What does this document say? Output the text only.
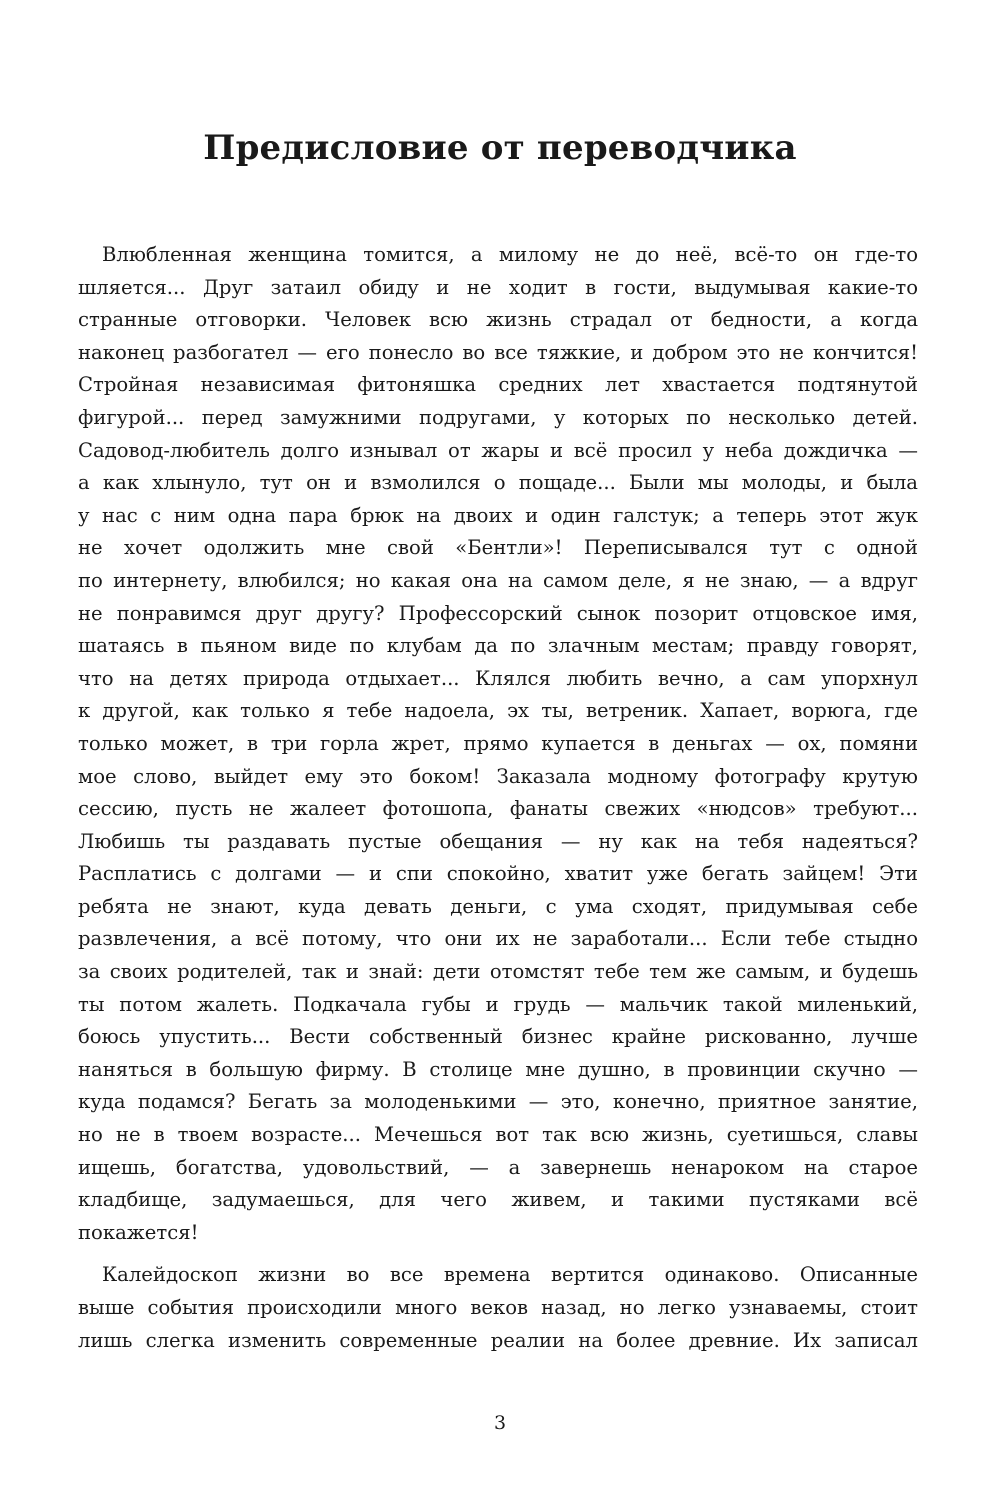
Предисловие от переводчика
Влюбленная женщина томится, а милому не до неё, всё-то он где-то
шляется... Друг затаил обиду и не ходит в гости, выдумывая какие-то
странные отговорки. Человек всю жизнь страдал от бедности, а когда
наконец разбогател — его понесло во все тяжкие, и добром это не кончится!
Стройная независимая фитоняшка средних лет хвастается подтянутой
фигурой... перед замужними подругами, у которых по несколько детей.
Садовод-любитель долго изнывал от жары и всё просил у неба дождичка —
а как хлынуло, тут он и взмолился о пощаде... Были мы молоды, и была
у нас с ним одна пара брюк на двоих и один галстук; а теперь этот жук
не хочет одолжить мне свой «Бентли»! Переписывался тут с одной
по интернету, влюбился; но какая она на самом деле, я не знаю, — а вдруг
не понравимся друг другу? Профессорский сынок позорит отцовское имя,
шатаясь в пьяном виде по клубам да по злачным местам; правду говорят,
что на детях природа отдыхает... Клялся любить вечно, а сам упорхнул
к другой, как только я тебе надоела, эх ты, ветреник. Хапает, ворюга, где
только может, в три горла жрет, прямо купается в деньгах — ох, помяни
мое слово, выйдет ему это боком! Заказала модному фотографу крутую
сессию, пусть не жалеет фотошопа, фанаты свежих «нюдсов» требуют...
Любишь ты раздавать пустые обещания — ну как на тебя надеяться?
Расплатись с долгами — и спи спокойно, хватит уже бегать зайцем! Эти
ребята не знают, куда девать деньги, с ума сходят, придумывая себе
развлечения, а всё потому, что они их не заработали... Если тебе стыдно
за своих родителей, так и знай: дети отомстят тебе тем же самым, и будешь
ты потом жалеть. Подкачала губы и грудь — мальчик такой миленький,
боюсь упустить... Вести собственный бизнес крайне рискованно, лучше
наняться в большую фирму. В столице мне душно, в провинции скучно —
куда подамся? Бегать за молоденькими — это, конечно, приятное занятие,
но не в твоем возрасте... Мечешься вот так всю жизнь, суетишься, славы
ищешь, богатства, удовольствий, — а завернешь ненароком на старое
кладбище, задумаешься, для чего живем, и такими пустяками всё
покажется!
Калейдоскоп жизни во все времена вертится одинаково. Описанные
выше события происходили много веков назад, но легко узнаваемы, стоит
лишь слегка изменить современные реалии на более древние. Их записал
3
